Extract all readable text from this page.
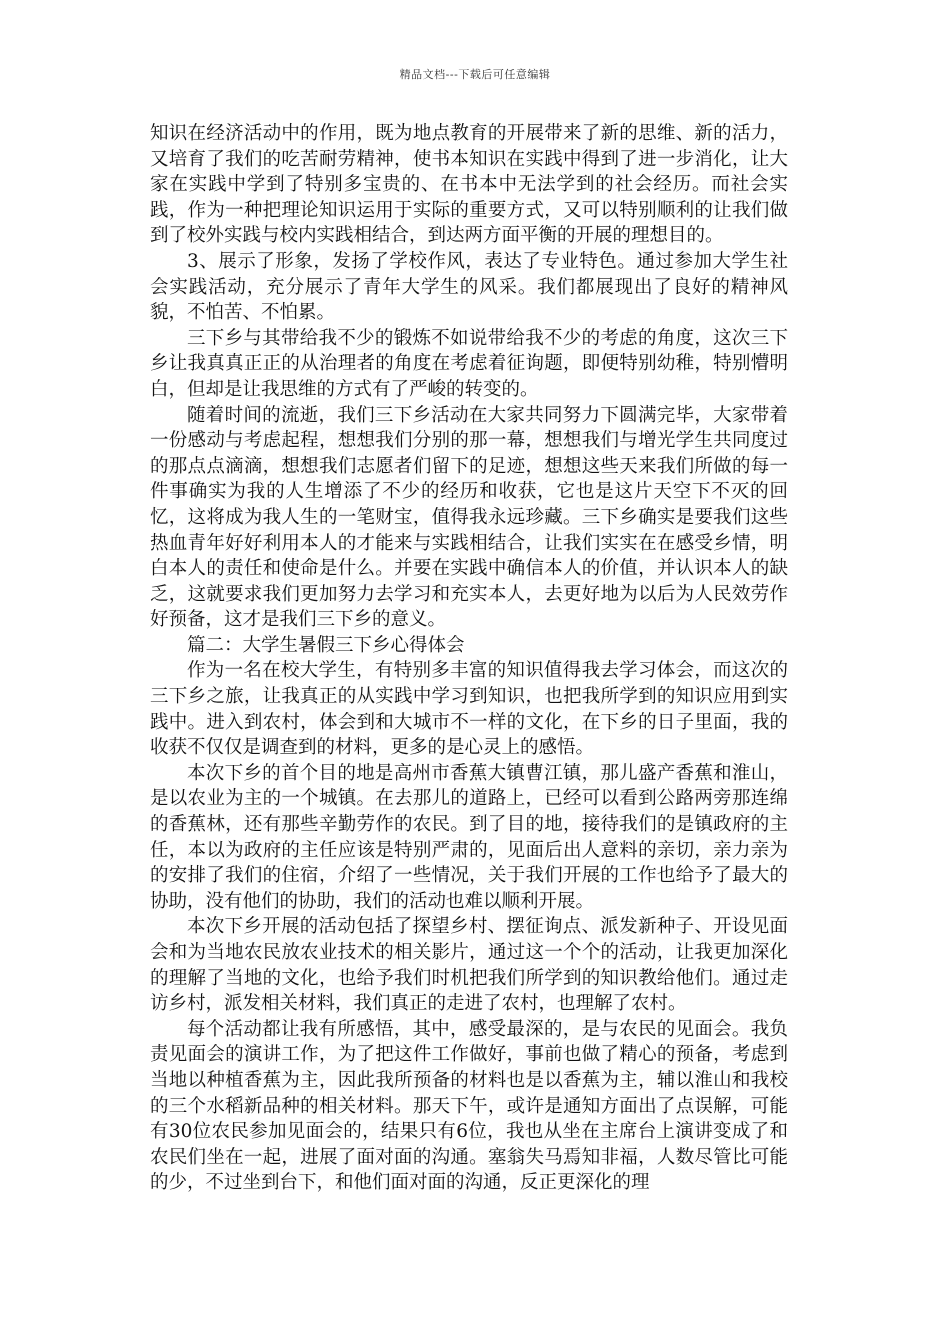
精品文档---下载后可任意编辑

知识在经济活动中的作用，既为地点教育的开展带来了新的思维、新的活力，又培育了我们的吃苦耐劳精神，使书本知识在实践中得到了进一步消化，让大家在实践中学到了特别多宝贵的、在书本中无法学到的社会经历。而社会实践，作为一种把理论知识运用于实际的重要方式，又可以特别顺利的让我们做到了校外实践与校内实践相结合，到达两方面平衡的开展的理想目的。

3、展示了形象，发扬了学校作风，表达了专业特色。通过参加大学生社会实践活动，充分展示了青年大学生的风采。我们都展现出了良好的精神风貌，不怕苦、不怕累。

三下乡与其带给我不少的锻炼不如说带给我不少的考虑的角度，这次三下乡让我真真正正的从治理者的角度在考虑着征询题，即便特别幼稚，特别懵明白，但却是让我思维的方式有了严峻的转变的。

随着时间的流逝，我们三下乡活动在大家共同努力下圆满完毕，大家带着一份感动与考虑起程，想想我们分别的那一幕，想想我们与增光学生共同度过的那点点滴滴，想想我们志愿者们留下的足迹，想想这些天来我们所做的每一件事确实为我的人生增添了不少的经历和收获，它也是这片天空下不灭的回忆，这将成为我人生的一笔财宝，值得我永远珍藏。三下乡确实是要我们这些热血青年好好利用本人的才能来与实践相结合，让我们实实在在感受乡情，明白本人的责任和使命是什么。并要在实践中确信本人的价值，并认识本人的缺乏，这就要求我们更加努力去学习和充实本人，去更好地为以后为人民效劳作好预备，这才是我们三下乡的意义。

篇二：大学生暑假三下乡心得体会

作为一名在校大学生，有特别多丰富的知识值得我去学习体会，而这次的三下乡之旅，让我真正的从实践中学习到知识，也把我所学到的知识应用到实践中。进入到农村，体会到和大城市不一样的文化，在下乡的日子里面，我的收获不仅仅是调查到的材料，更多的是心灵上的感悟。

本次下乡的首个目的地是高州市香蕉大镇曹江镇，那儿盛产香蕉和淮山，是以农业为主的一个城镇。在去那儿的道路上，已经可以看到公路两旁那连绵的香蕉林，还有那些辛勤劳作的农民。到了目的地，接待我们的是镇政府的主任，本以为政府的主任应该是特别严肃的，见面后出人意料的亲切，亲力亲为的安排了我们的住宿，介绍了一些情况，关于我们开展的工作也给予了最大的协助，没有他们的协助，我们的活动也难以顺利开展。

本次下乡开展的活动包括了探望乡村、摆征询点、派发新种子、开设见面会和为当地农民放农业技术的相关影片，通过这一个个的活动，让我更加深化的理解了当地的文化，也给予我们时机把我们所学到的知识教给他们。通过走访乡村，派发相关材料，我们真正的走进了农村，也理解了农村。

每个活动都让我有所感悟，其中，感受最深的，是与农民的见面会。我负责见面会的演讲工作，为了把这件工作做好，事前也做了精心的预备，考虑到当地以种植香蕉为主，因此我所预备的材料也是以香蕉为主，辅以淮山和我校的三个水稻新品种的相关材料。那天下午，或许是通知方面出了点误解，可能有30位农民参加见面会的，结果只有6位，我也从坐在主席台上演讲变成了和农民们坐在一起，进展了面对面的沟通。塞翁失马焉知非福，人数尽管比可能的少，不过坐到台下，和他们面对面的沟通，反正更深化的理
